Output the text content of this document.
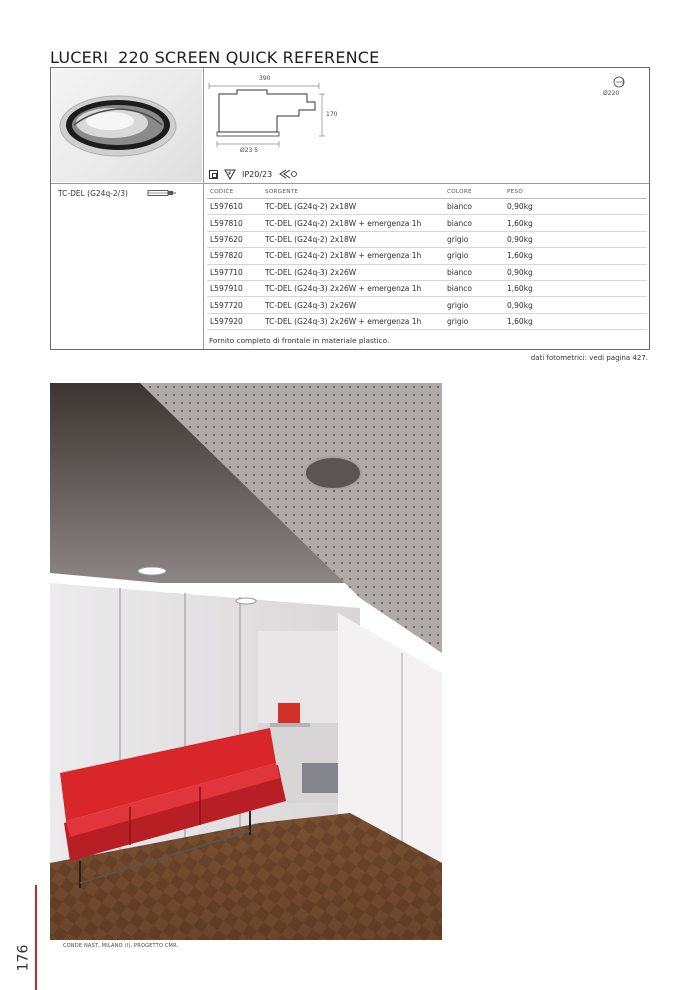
LUCERI 220 SCREEN QUICK REFERENCE
390
170
Ø23 5
Ø220
IP20/23
TC-DEL (G24q-2/3)	CODICE	SORGENTE	COLORE	PESO
L597610	TC-DEL (G24q-2) 2x18W	bianco	0,90kg
L597810	TC-DEL (G24q-2) 2x18W + emergenza 1h	bianco	1,60kg
L597620	TC-DEL (G24q-2) 2x18W	grigio	0,90kg
L597820	TC-DEL (G24q-2) 2x18W + emergenza 1h	grigio	1,60kg
L597710	TC-DEL (G24q-3) 2x26W	bianco	0,90kg
L597910	TC-DEL (G24q-3) 2x26W + emergenza 1h	bianco	1,60kg
L597720	TC-DEL (G24q-3) 2x26W	grigio	0,90kg
L597920	TC-DEL (G24q-3) 2x26W + emergenza 1h	grigio	1,60kg
Fornito completo di frontale in materiale plastico.
dati fotometrici: vedi pagina 427.
CONDE NAST, MILANO (I), PROGETTO CMR.
176
